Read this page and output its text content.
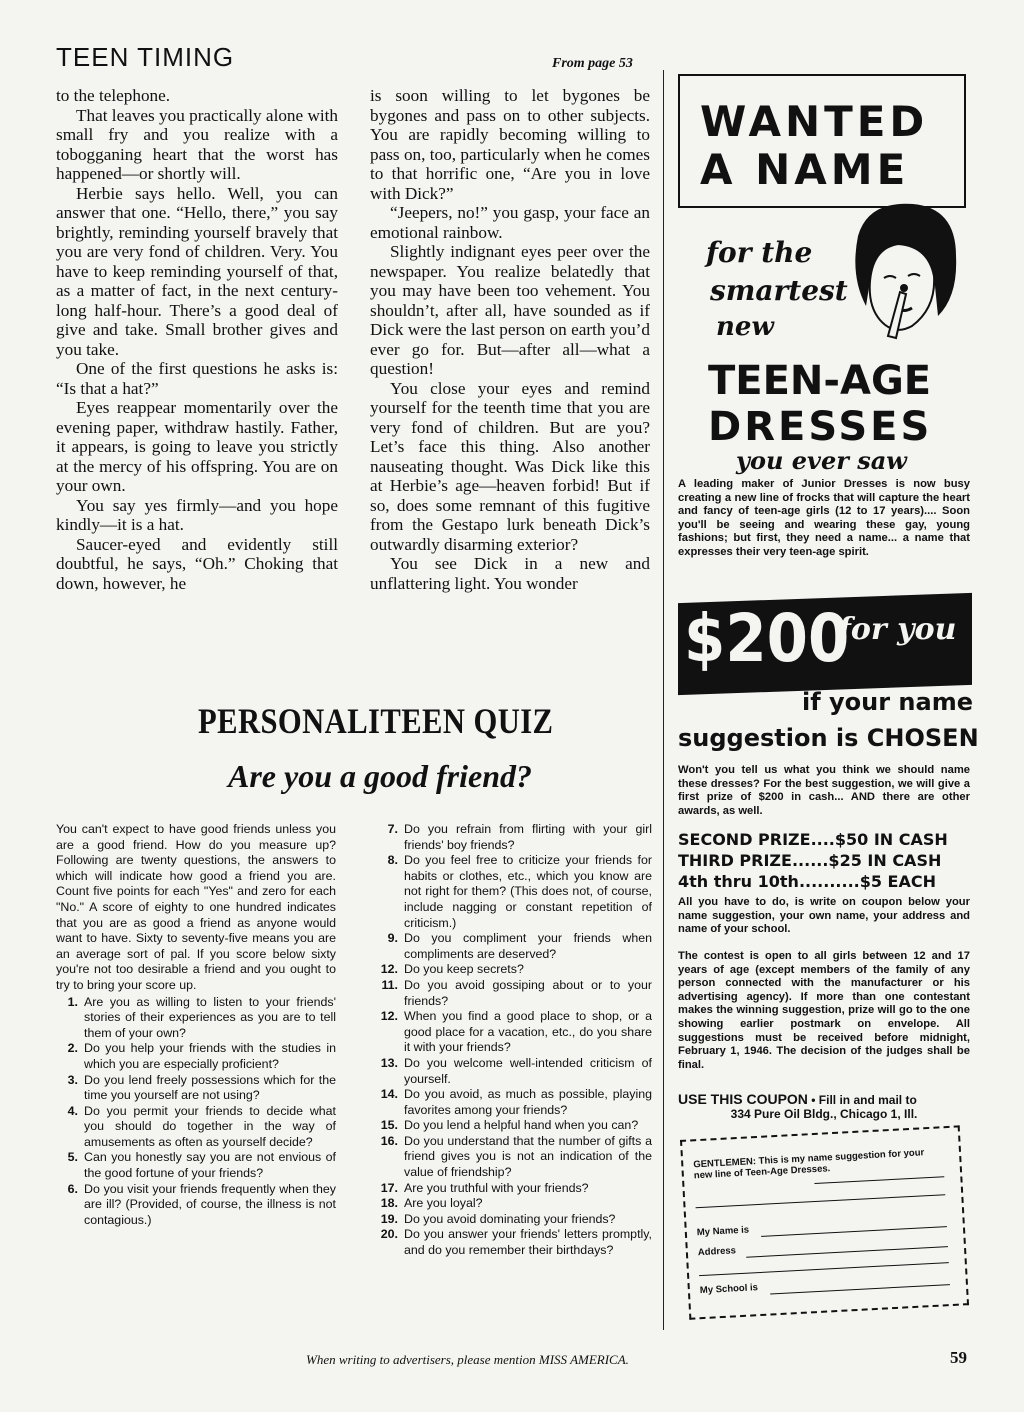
TEEN TIMING	From page 53

to the telephone.

That leaves you practically alone with small fry and you realize with a tobogganing heart that the worst has happened—or shortly will.

Herbie says hello. Well, you can answer that one. “Hello, there,” you say brightly, reminding yourself bravely that you are very fond of children. Very. You have to keep reminding yourself of that, as a matter of fact, in the next century-long half-hour. There’s a good deal of give and take. Small brother gives and you take.

One of the first questions he asks is: “Is that a hat?”

Eyes reappear momentarily over the evening paper, withdraw hastily. Father, it appears, is going to leave you strictly at the mercy of his offspring. You are on your own.

You say yes firmly—and you hope kindly—it is a hat.

Saucer-eyed and evidently still doubtful, he says, “Oh.” Choking that down, however, he

is soon willing to let bygones be bygones and pass on to other subjects. You are rapidly becoming willing to pass on, too, particularly when he comes to that horrific one, “Are you in love with Dick?”

“Jeepers, no!” you gasp, your face an emotional rainbow.

Slightly indignant eyes peer over the newspaper. You realize belatedly that you may have been too vehement. You shouldn’t, after all, have sounded as if Dick were the last person on earth you’d ever go for. But—after all—what a question!

You close your eyes and remind yourself for the teenth time that you are very fond of children. But are you? Let’s face this thing. Also another nauseating thought. Was Dick like this at Herbie’s age—heaven forbid! But if so, does some remnant of this fugitive from the Gestapo lurk beneath Dick’s outwardly disarming exterior?

You see Dick in a new and unflattering light. You wonder

PERSONALITEEN QUIZ
Are you a good friend?

You can't expect to have good friends unless you are a good friend. How do you measure up? Following are twenty questions, the answers to which will indicate how good a friend you are. Count five points for each "Yes" and zero for each "No." A score of eighty to one hundred indicates that you are as good a friend as anyone would want to have. Sixty to seventy-five means you are an average sort of pal. If you score below sixty you're not too desirable a friend and you ought to try to bring your score up.

1. Are you as willing to listen to your friends' stories of their experiences as you are to tell them of your own?
2. Do you help your friends with the studies in which you are especially proficient?
3. Do you lend freely possessions which for the time you yourself are not using?
4. Do you permit your friends to decide what you should do together in the way of amusements as often as yourself decide?
5. Can you honestly say you are not envious of the good fortune of your friends?
6. Do you visit your friends frequently when they are ill? (Provided, of course, the illness is not contagious.)
7. Do you refrain from flirting with your girl friends' boy friends?
8. Do you feel free to criticize your friends for habits or clothes, etc., which you know are not right for them? (This does not, of course, include nagging or constant repetition of criticism.)
9. Do you compliment your friends when compliments are deserved?
12. Do you keep secrets?
11. Do you avoid gossiping about or to your friends?
12. When you find a good place to shop, or a good place for a vacation, etc., do you share it with your friends?
13. Do you welcome well-intended criticism of yourself.
14. Do you avoid, as much as possible, playing favorites among your friends?
15. Do you lend a helpful hand when you can?
16. Do you understand that the number of gifts a friend gives you is not an indication of the value of friendship?
17. Are you truthful with your friends?
18. Are you loyal?
19. Do you avoid dominating your friends?
20. Do you answer your friends' letters promptly, and do you remember their birthdays?
WANTED
A NAME
for the
smartest
new
TEEN-AGE
DRESSES
you ever saw
A leading maker of Junior Dresses is now busy creating a new line of frocks that will capture the heart and fancy of teen-age girls (12 to 17 years).... Soon you'll be seeing and wearing these gay, young fashions; but first, they need a name... a name that expresses their very teen-age spirit.
$200
for you
if your name
suggestion is CHOSEN
Won't you tell us what you think we should name these dresses? For the best suggestion, we will give a first prize of $200 in cash... AND there are other awards, as well.
SECOND PRIZE....$50 IN CASH
THIRD PRIZE......$25 IN CASH
4th thru 10th..........$5 EACH
All you have to do, is write on coupon below your name suggestion, your own name, your address and name of your school.
The contest is open to all girls between 12 and 17 years of age (except members of the family of any person connected with the manufacturer or his advertising agency). If more than one contestant makes the winning suggestion, prize will go to the one showing earlier postmark on envelope. All suggestions must be received before midnight, February 1, 1946. The decision of the judges shall be final.
USE THIS COUPON • Fill in and mail to

334 Pure Oil Bldg., Chicago 1, Ill.
GENTLEMEN: This is my name suggestion for your new line of Teen-Age Dresses.
My Name is
Address
My School is
When writing to advertisers, please mention MISS AMERICA.	59
